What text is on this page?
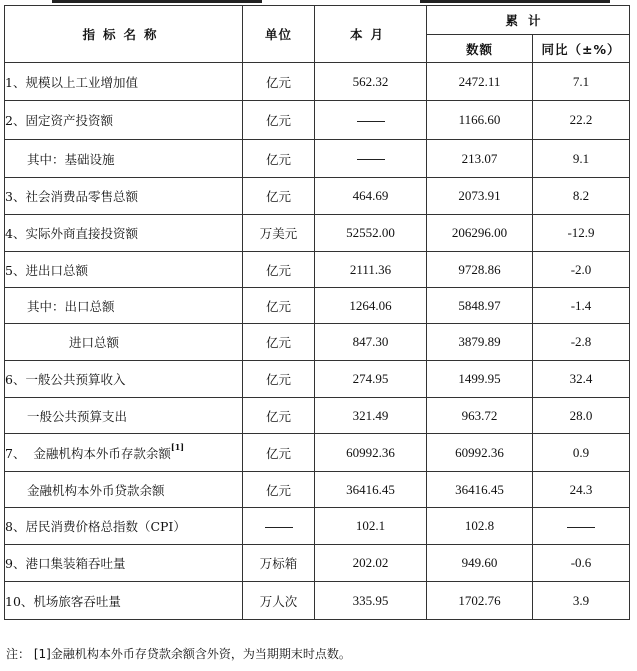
指标名称	单位	本月	累计	
			数额	同比（±%）
1、规模以上工业增加值	亿元	562.32	2472.11	7.1
2、固定资产投资额	亿元		1166.60	22.2
其中：基础设施	亿元		213.07	9.1
3、社会消费品零售总额	亿元	464.69	2073.91	8.2
4、实际外商直接投资额	万美元	52552.00	206296.00	-12.9
5、进出口总额	亿元	2111.36	9728.86	-2.0
其中：出口总额	亿元	1264.06	5848.97	-1.4
进口总额	亿元	847.30	3879.89	-2.8
6、一般公共预算收入	亿元	274.95	1499.95	32.4
一般公共预算支出	亿元	321.49	963.72	28.0
7、  金融机构本外币存款余额[1]	亿元	60992.36	60992.36	0.9
金融机构本外币贷款余额	亿元	36416.45	36416.45	24.3
8、居民消费价格总指数（CPI）		102.1	102.8	
9、港口集装箱吞吐量	万标箱	202.02	949.60	-0.6
10、机场旅客吞吐量	万人次	335.95	1702.76	3.9
注： [1]金融机构本外币存贷款余额含外资，为当期期末时点数。
